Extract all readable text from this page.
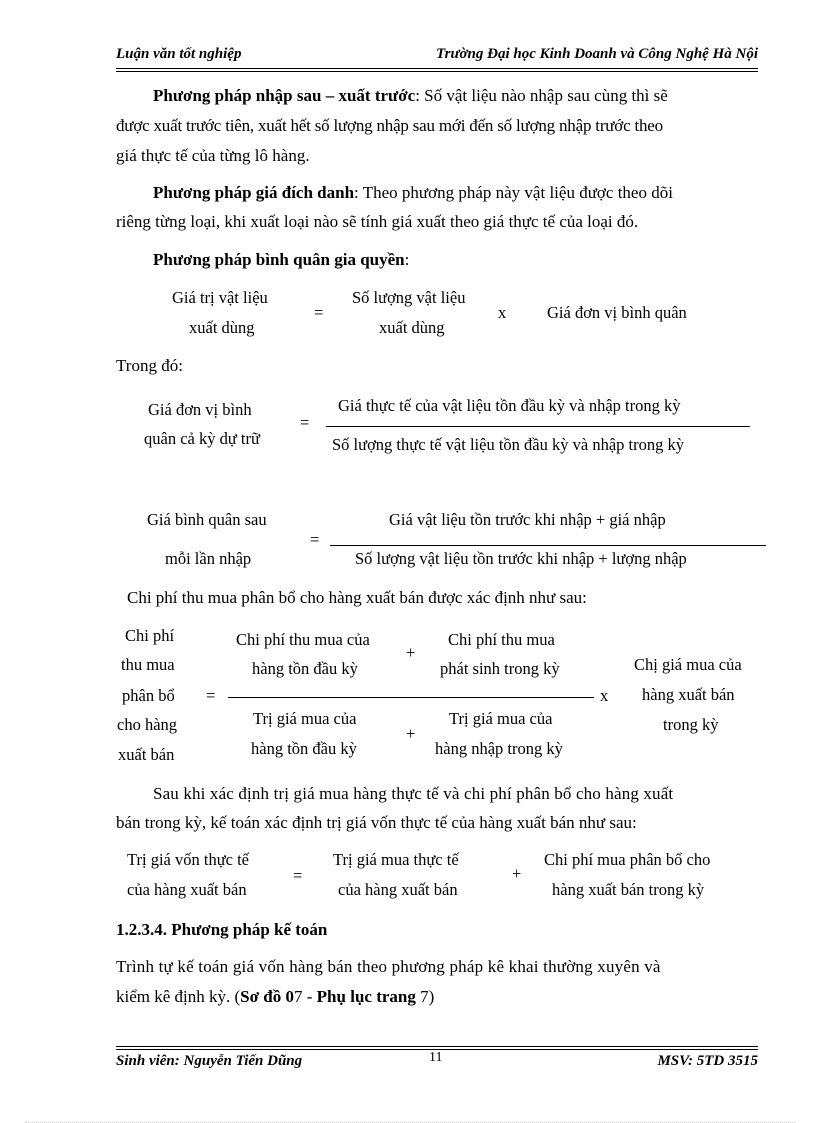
Luận văn tốt nghiệp	Trường Đại học Kinh Doanh và Công Nghệ Hà Nội
Phương pháp nhập sau – xuất trước: Số vật liệu nào nhập sau cùng thì sẽ
được xuất trước tiên, xuất hết số lượng nhập sau mới đến số lượng nhập trước theo
giá thực tế của từng lô hàng.
Phương pháp giá đích danh: Theo phương pháp này vật liệu được theo dõi
riêng từng loại, khi xuất loại nào sẽ tính giá xuất theo giá thực tế của loại đó.
Phương pháp bình quân gia quyền:
Giá trị vật liệu
xuất dùng
=
Số lượng vật liệu
xuất dùng
x Giá đơn vị bình quân
Trong đó:
Giá đơn vị bình
quân cả kỳ dự trữ
=
Giá thực tế của vật liệu tồn đầu kỳ và nhập trong kỳ
Số lượng thực tế vật liệu tồn đầu kỳ và nhập trong kỳ
Giá bình quân sau
mỗi lần nhập
=
Giá vật liệu tồn trước khi nhập + giá nhập
Số lượng vật liệu tồn trước khi nhập + lượng nhập
Chi phí thu mua phân bổ cho hàng xuất bán được xác định như sau:
Chi phí
thu mua
phân bổ
cho hàng
xuất bán
=
Chi phí thu mua của
hàng tồn đầu kỳ
+
Chi phí thu mua
phát sinh trong kỳ
x
Trị giá mua của
hàng tồn đầu kỳ
+
Trị giá mua của
hàng nhập trong kỳ
Chị giá mua của
hàng xuất bán
trong kỳ
Sau khi xác định trị giá mua hàng thực tế và chi phí phân bổ cho hàng xuất
bán trong kỳ, kế toán xác định trị giá vốn thực tế của hàng xuất bán như sau:
Trị giá vốn thực tế
của hàng xuất bán
=
Trị giá mua thực tế
của hàng xuất bán
+
Chi phí mua phân bổ cho
hàng xuất bán trong kỳ
1.2.3.4. Phương pháp kế toán
Trình tự kế toán giá vốn hàng bán theo phương pháp kê khai thường xuyên và
kiểm kê định kỳ. (Sơ đồ 07 - Phụ lục trang 7)
Sinh viên: Nguyễn Tiến Dũng	11	MSV: 5TD 3515
